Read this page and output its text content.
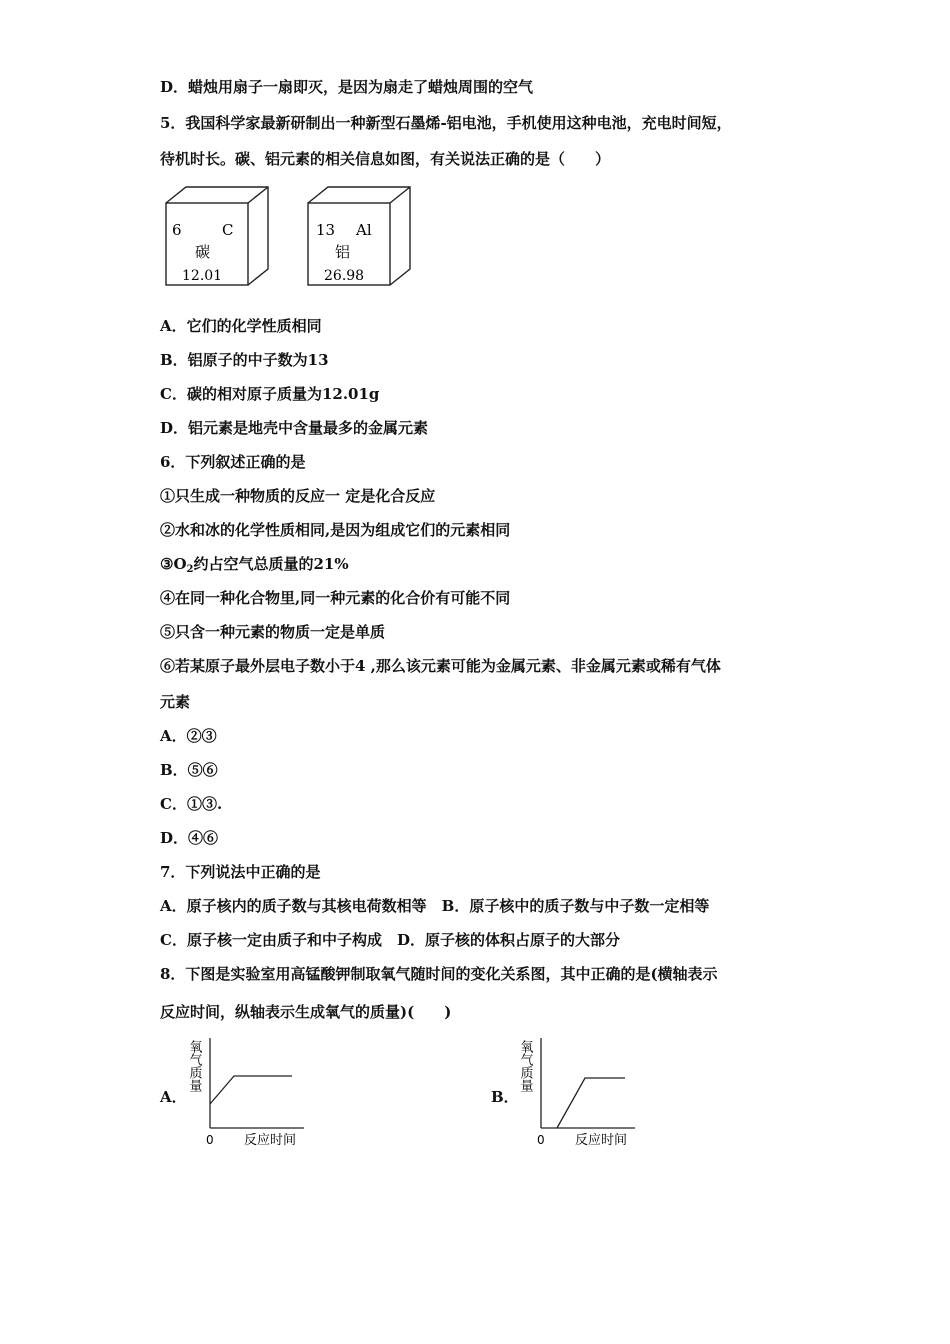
D．蜡烛用扇子一扇即灭，是因为扇走了蜡烛周围的空气
5．我国科学家最新研制出一种新型石墨烯-铝电池，手机使用这种电池，充电时间短，
待机时长。碳、铝元素的相关信息如图，有关说法正确的是（　　）
6	C
碳
12.01
13 Al
铝
26.98
A．它们的化学性质相同
B．铝原子的中子数为13
C．碳的相对原子质量为12.01g
D．铝元素是地壳中含量最多的金属元素
6．下列叙述正确的是
①只生成一种物质的反应一 定是化合反应
②水和冰的化学性质相同,是因为组成它们的元素相同
$③O_2$约占空气总质量的21%
④在同一种化合物里,同一种元素的化合价有可能不同
⑤只含一种元素的物质一定是单质
⑥若某原子最外层电子数小于4 ,那么该元素可能为金属元素、非金属元素或稀有气体
元素
A．②③
B．⑤⑥
C．①③.
D．④⑥
7．下列说法中正确的是
A．原子核内的质子数与其核电荷数相等　B．原子核中的质子数与中子数一定相等
C．原子核一定由质子和中子构成　D．原子核的体积占原子的大部分
8．下图是实验室用高锰酸钾制取氧气随时间的变化关系图，其中正确的是(横轴表示
反应时间，纵轴表示生成氧气的质量)(　　)
A．
氧气质量
0 反应时间
B．
氧气质量
0 反应时间
